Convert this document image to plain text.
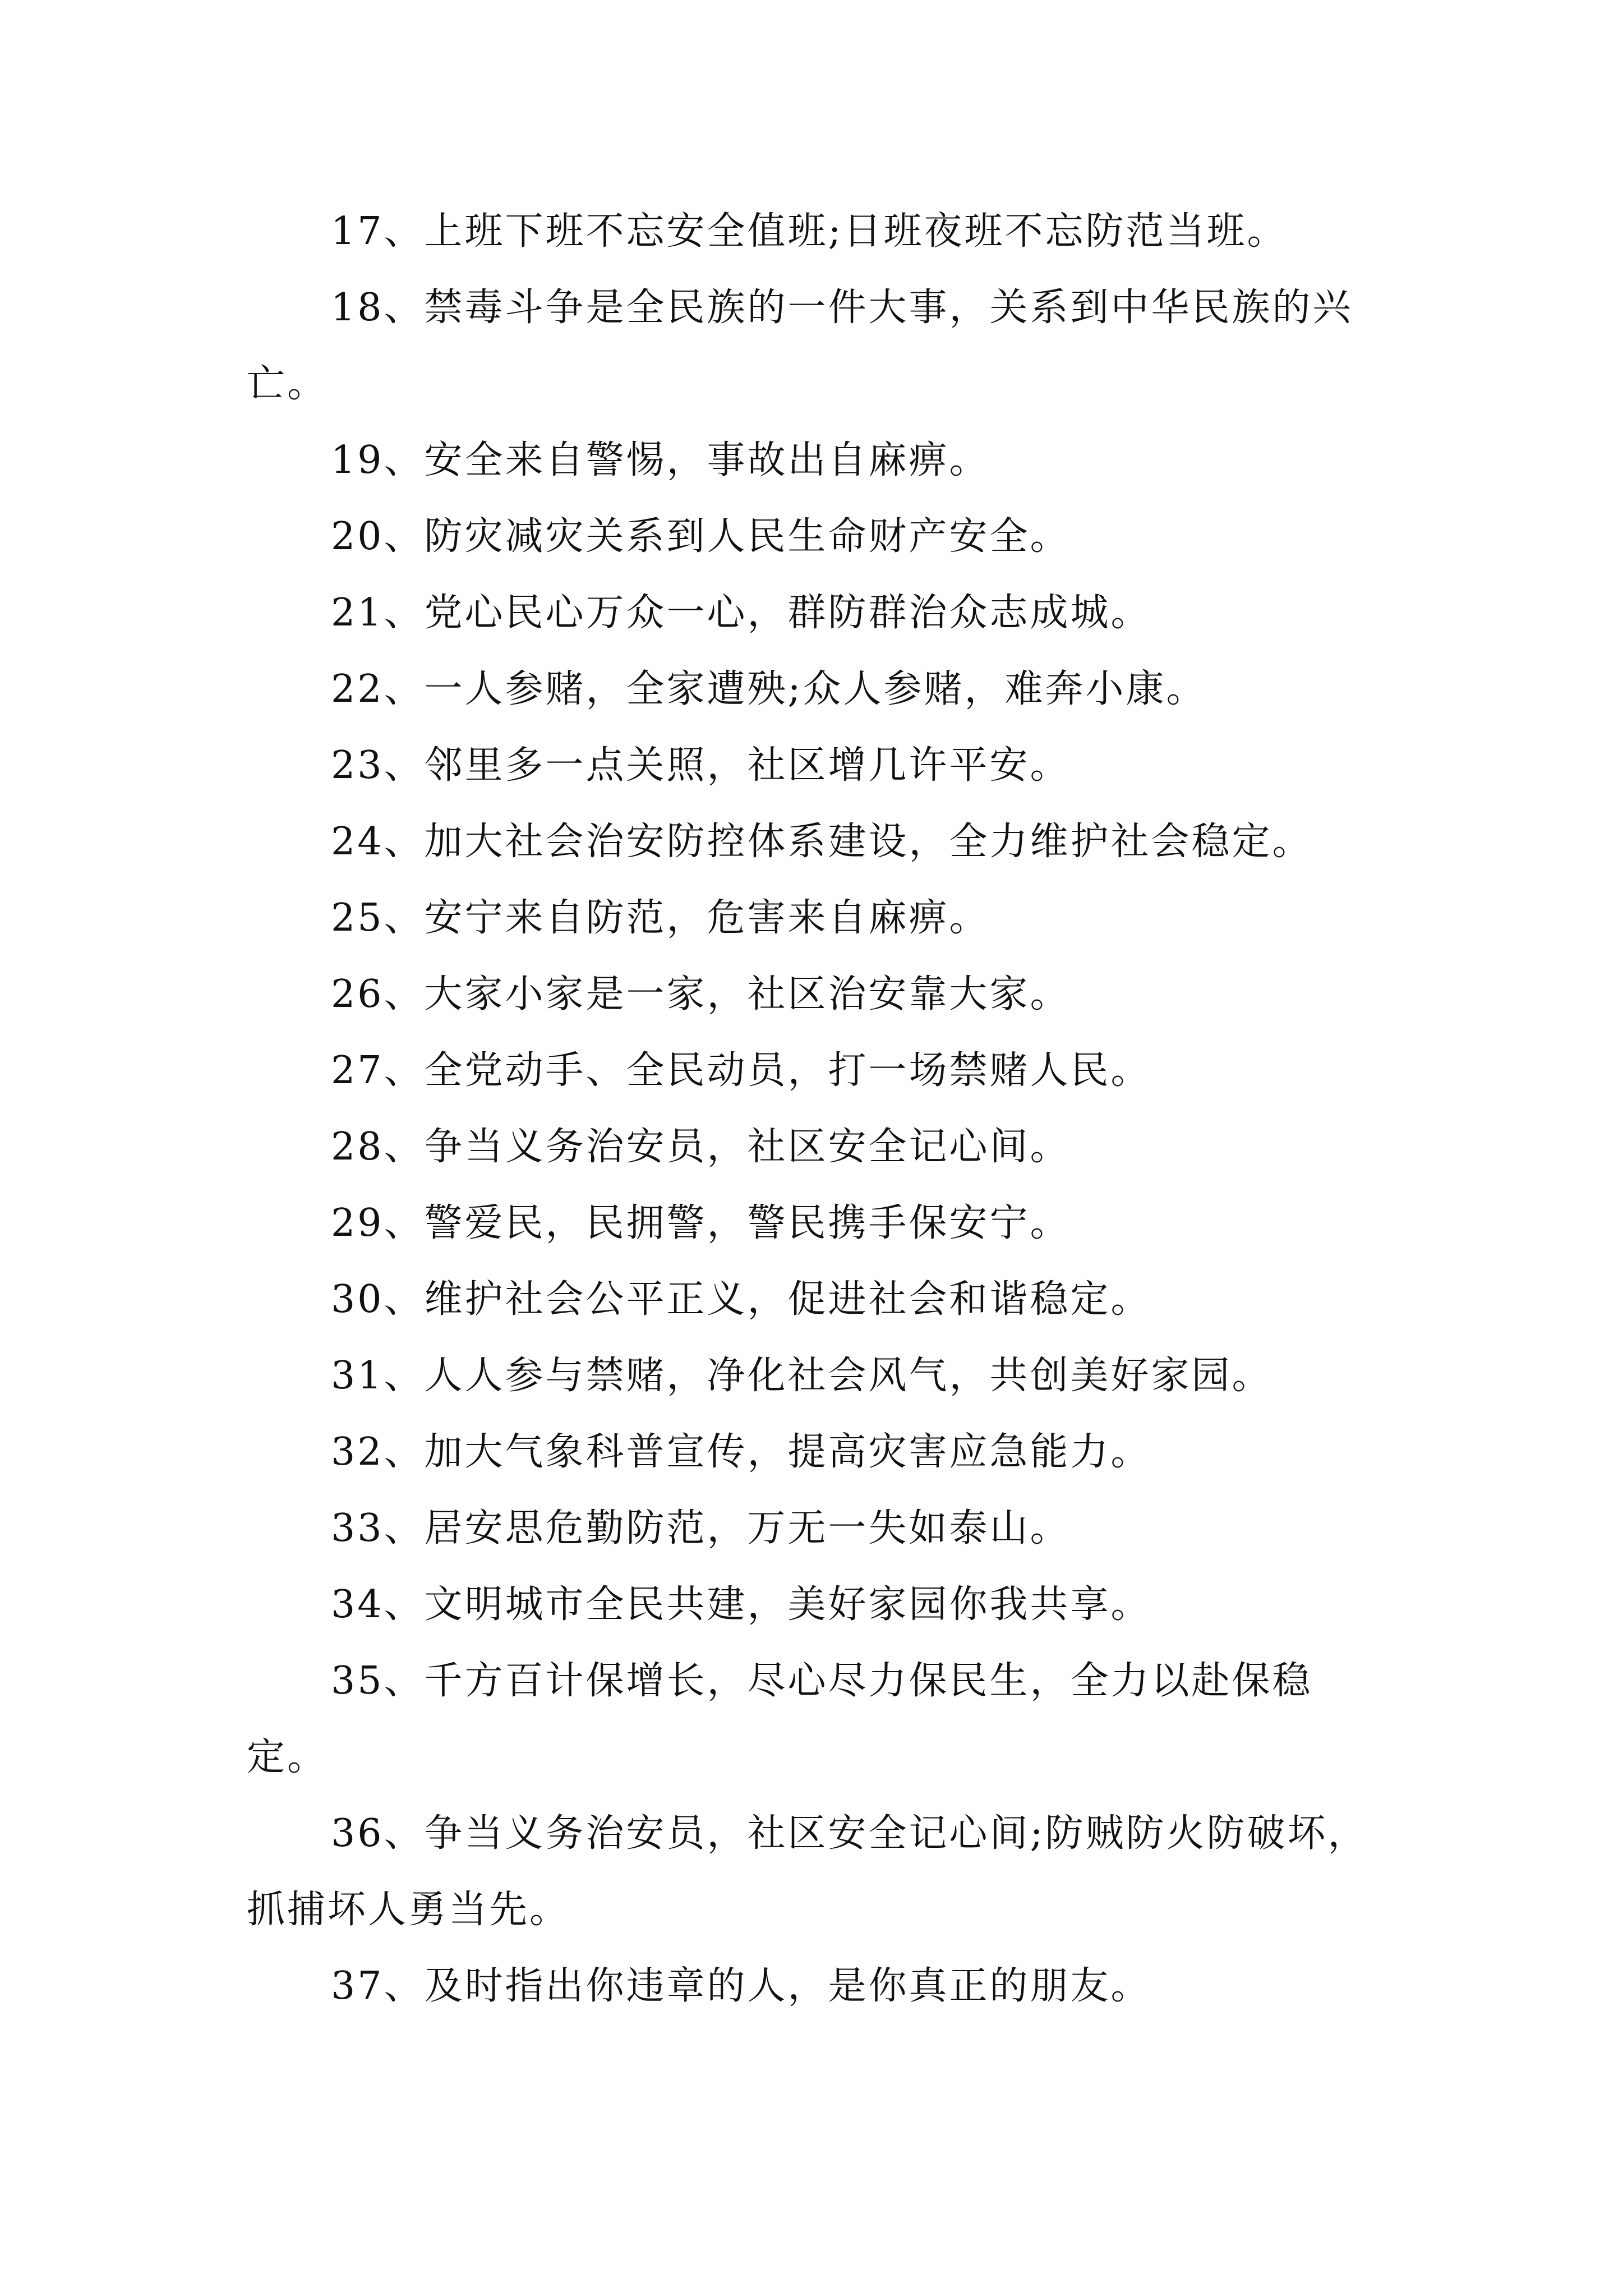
17、上班下班不忘安全值班;日班夜班不忘防范当班。

18、禁毒斗争是全民族的一件大事，关系到中华民族的兴亡。

19、安全来自警惕，事故出自麻痹。

20、防灾减灾关系到人民生命财产安全。

21、党心民心万众一心，群防群治众志成城。

22、一人参赌，全家遭殃;众人参赌，难奔小康。

23、邻里多一点关照，社区增几许平安。

24、加大社会治安防控体系建设，全力维护社会稳定。

25、安宁来自防范，危害来自麻痹。

26、大家小家是一家，社区治安靠大家。

27、全党动手、全民动员，打一场禁赌人民。

28、争当义务治安员，社区安全记心间。

29、警爱民，民拥警，警民携手保安宁。

30、维护社会公平正义，促进社会和谐稳定。

31、人人参与禁赌，净化社会风气，共创美好家园。

32、加大气象科普宣传，提高灾害应急能力。

33、居安思危勤防范，万无一失如泰山。

34、文明城市全民共建，美好家园你我共享。

35、千方百计保增长，尽心尽力保民生，全力以赴保稳定。

36、争当义务治安员，社区安全记心间;防贼防火防破坏，抓捕坏人勇当先。

37、及时指出你违章的人，是你真正的朋友。
